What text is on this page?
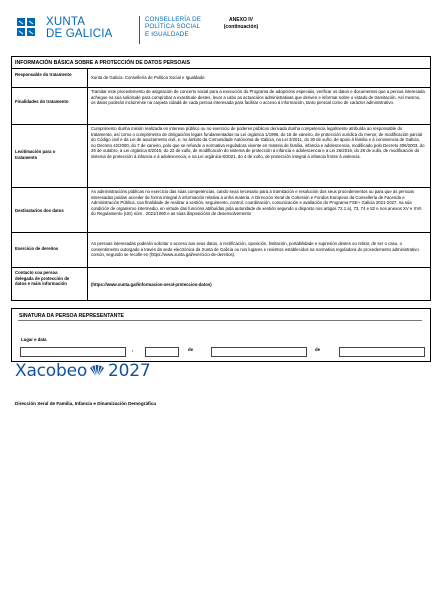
XUNTA
DE GALICIA
CONSELLERÍA DE
POLÍTICA SOCIAL
E IGUALDADE
ANEXO IV
(continuación)
INFORMACIÓN BÁSICA SOBRE A PROTECCIÓN DE DATOS PERSOAIS
Responsable do tratamento
Xunta de Galicia. Consellería de Política Social e Igualdade.
Finalidades do tratamento
Tramitar este procedemento de asignación de concerto social para a execución do Programa de adopcións especiais, verificar os datos e documentos que a persoa interesada achegue na súa solicitude para comprobar a exactitude destes, levar a cabo as actuacións administrativas que deriven e informar sobre o estado de tramitación. Así mesmo, os datos poderán incluírense na carpeta cidadá de cada persoa interesada para facilitar o acceso á información, tanto persoal como de carácter administrativo.
Lexitimación para o tratamento
Cumprimento dunha misión realizada en interese público ou no exercicio de poderes públicos derivada dunha competencia legalmente atribuída ao responsable do tratamento, así como o cumprimento de obrigacións legais fundamentadas na Lei orgánica 1/1996, do 15 de xaneiro, de protección xurídica do menor, de modificación parcial do Código civil e da Lei de axuizamento civil, e, no ámbito da Comunidade Autónoma de Galicia, na Lei 3/2011, do 30 de xuño, de apoio á familia e á convivencia de Galicia, no Decreto 42/2000, do 7 de xaneiro, polo que se refunde a normativa reguladora vixente en materia de familia, infancia e adolescencia, modificado polo Decreto 406/2003, do 29 de outubro, a Lei orgánica 8/2015, do 22 de xullo, de modificación do sistema de protección á infancia e adolescencia e a Lei 26/2015, do 28 de xullo, de modificación do sistema de protección á infancia e á adolescencia, e na Lei orgánica 8/2021, do 4 de xuño, de protección integral á infancia fronte á violencia.
Destinatarios dos datos
As administracións públicas no exercicio das súas competencias, cando sexa necesario para a tramitación e resolución dos seus procedementos ou para que as persoas interesadas poidan acceder de forma integral á información relativa a unha materia. A Dirección Xeral de Cohesión e Fondos Europeos da Consellería de Facenda e Administración Pública, coa finalidade de realizar a xestión, seguimento, control, coordinación, comunicación e avaliación do Programa FSE+ Galicia 2021-2027, na súa condición de organismo intermedio, en virtude das funcións atribuídas pola autoridade de xestión segundo o disposto nos artigos 72.1 a), 73, 74 e 82 e nos anexos XV e XVII do Regulamento (UE) núm . 2021/1060 e as súas disposicións de desenvolvemento
Exercicio de dereitos
As persoas interesadas poderán solicitar o acceso aos seus datos, a rectificación, oposición, limitación, portabilidade e supresión destes ou retirar, de ser o caso, o consentimento outorgado a través da sede electrónica da Xunta de Galicia ou nos lugares e rexistros establecidos na normativa reguladora do procedemento administrativo común, segundo se recolle en (https://www.xunta.gal/exercicio-de-dereitos).
Contacto coa persoa delegada de protección de datos e máis información	(https://www.xunta.gal/informacion-xeral-proteccion-datos)
SINATURA DA PERSOA REPRESENTANTE
Lugar e data
,	de	de
Xacobeo 2027
Dirección Xeral de Familia, Infancia e Dinamización Demográfica
